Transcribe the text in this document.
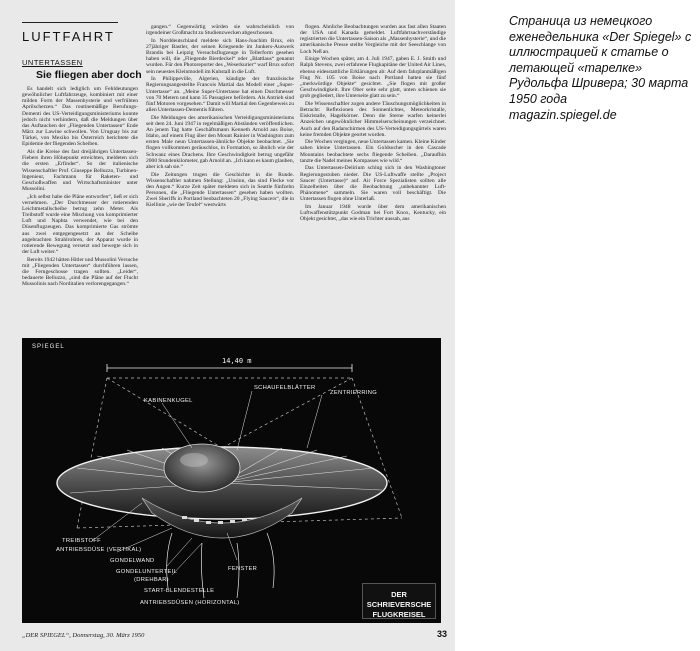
LUFTFAHRT
UNTERTASSEN
Sie fliegen aber doch

Es handelt sich lediglich um Fehldeutungen gewöhnlicher Luftfahrzeuge, kombiniert mit einer milden Form der Massenhysterie und verfrühten Aprilscherzen.“ Das routinemäßige Berufungs-Dementi des US-Verteidigungsministeriums konnte jedoch nicht verhindern, daß die Meldungen über das Auftauchen der „Fliegenden Untertassen“ Ende März zur Lawine schwollen. Von Uruguay bis zur Türkei, von Mexiko bis Österreich berichtete die Epidemie der fliegenden Scheiben.

Als die Kreise des fast dreijährigen Untertassen-Fiebers ihren Höhepunkt erreichten, meldeten sich die ersten „Erfinder“. So der italienische Wissenschaftler Prof. Giuseppe Belluzzo, Turbinen-Ingenieur, Fachmann für Raketen- und Geschoßwaffen und Wirtschaftsminister unter Mussolini.

„Ich selbst habe die Pläne entworfen“, ließ er sich vernehmen. „Der Durchmesser der rotierenden Leichtmetallscheibe betrug zehn Meter. Als Treibstoff wurde eine Mischung von komprimierter Luft und Naphta verwendet, wie bei den Düsenflugzeugen. Das komprimierte Gas strömte aus zwei entgegengesetzt an der Scheibe angebrachten Strahlrohren, der Apparat wurde in rotierende Bewegung versetzt und bewegte sich in der Luft weiter.“

Bereits 1942 hätten Hitler und Mussolini Versuche mit „Fliegenden Untertassen“ durchführen lassen, die Ferngeschosse tragen sollten. „Leider“, bedauerte Belluzzo, „sind die Pläne auf der Flucht Mussolinis nach Norditalien verlorengegangen.“

gangen.“ Gegenwärtig würden sie wahrscheinlich von irgendeiner Großmacht zu Studienzwecken abgeschossen.

In Norddeutschland meldete sich Hans-Joachim Brux, ein 27jähriger Bastler, der seinen Kriegsende im Junkers-Auswerk Brandis bei Leipzig Versuchsflugzeuge in Tellerform gesehen haben will, die „Fliegende Bierdeckel“ oder „Blattlaus“ genannt wurden. Für den Photoreporter des „Weserkurier“ warf Brux sofort sein neuestes Kleinmodell im Kuhstall in die Luft.

In Philippeville, Algerien, kündigte der französische Regierungsangestellte Francois Martial das Modell einer „Super-Untertasse“ an. „Meine Super-Untertasse hat einen Durchmesser von 70 Metern und kann 35 Passagiere befördern. Als Antrieb sind fünf Motoren vorgesehen.“ Damit will Martial den Gegenbeweis zu allen Untertassen-Dementis führen.

Die Meldungen des amerikanischen Verteidigungsministeriums seit dem 24. Juni 1947 in regelmäßigen Abständen veröffentlichen. An jenem Tag hatte Geschäftsmann Kenneth Arnold aus Boise, Idaho, auf einem Flug über den Mount Rainier in Washington zum ersten Male neun Untertassen-ähnliche Objekte beobachtet. „Sie flogen vollkommen geräuschlos, in Formation, so ähnlich wie der Schwanz eines Drachens. Ihre Geschwindigkeit betrug ungefähr 2000 Stundenkilometer, gab Arnold an. „Ich kann es kaum glauben, aber ich sah sie.“

Die Zeitungen trugen die Geschichte in die Runde. Wissenschaftler nahmen Stellung: „Unsinn, das sind Flecke vor den Augen.“ Kurze Zeit später meldeten sich in Seattle fünfzehn Personen, die „Fliegende Untertassen“ gesehen haben wollten. Zwei Sheriffs in Portland beobachteten 20 „Flying Saucers“, die in Kiellinie „wie der Teufel“ westwärts

flogen. Ähnliche Beobachtungen wurden aus fast allen Staaten der USA und Kanada gemeldet. Luftfahrtsachverständige registrierten die Untertassen-Saison als „Massenhysterie“, und die amerikanische Presse stellte Vergleiche mit der Seeschlange von Loch Neß an.

Einige Wochen später, am 4. Juli 1947, gaben E. J. Smith und Ralph Stevens, zwei erfahrene Flugkapitäne der United Air Lines, ebenso eidesstattliche Erklärungen ab: Auf dem fahrplanmäßigen Flug Nr. 105 von Boise nach Portland hatten sie fünf „merkwürdige Objekte“ gesichtet. „Sie flogen mit großer Geschwindigkeit. Ihre Ober seite sehr glatt, unten schienen sie grob gegliedert, ihre Unterseite glatt zu sein.“

Die Wissenschaftler zogen andere Täuschungsmöglichkeiten in Betracht: Reflexionen des Sonnenlichtes, Meteorkristalle, Eiskristalle, Hagelkörner. Denn die Sterne warfen keinerlei Anzeichen ungewöhnlicher Himmelserscheinungen verzeichnet. Auch auf den Radarschirmen des US-Verteidigungsgürtels waren keine fremden Objekte geortet worden.

Die Wochen vergingen, neue Untertassen kamen. Kleine Kinder sahen kleine Untertassen. Ein Goldsucher in den Cascade Mountains beobachtete sechs fliegende Scheiben. „Daraufhin tanzte die Nadel meines Kompasses wie wild.“

Das Untertassen-Delirium schlug sich in den Washingtoner Regierungsstuben nieder. Die US-Luftwaffe stellte „Project Saucer (Untertasse)“ auf. Air Force Spezialisten sollten alle Einzelheiten über die Beobachtung „unbekannter Luft-Phänomene“ sammeln. Sie waren voll beschäftigt. Die Untertassen flogen ohne Unterlaß.

Im Januar 1948 wurde über dem amerikanischen Luftwaffenstützpunkt Godman bei Fort Knox, Kentucky, ein Objekt gesichtet, „das wie ein Trichter aussah, aus

SPIEGEL
14,40 m
ZENTRIERRING
SCHAUFELBLÄTTER
KABINENKUGEL
TREIBSTOFF
ANTRIEBSDÜSE (VERTIKAL)
GONDELWAND
GONDELUNTERTEIL
(DREHBAR)
FENSTER
START-BLENDESTELLE
ANTRIEBSDÜSEN (HORIZONTAL)
DER SCHRIEVERSCHE
FLUGKREISEL
„DER SPIEGEL“, Donnerstag, 30. März 1950	33
Страница из немецкого
еженедельника «Der Spiegel» с
иллюстрацией к статье о
летающей «тарелке»
Рудольфа Шривера; 30 марта
1950 года
magazin.spiegel.de
